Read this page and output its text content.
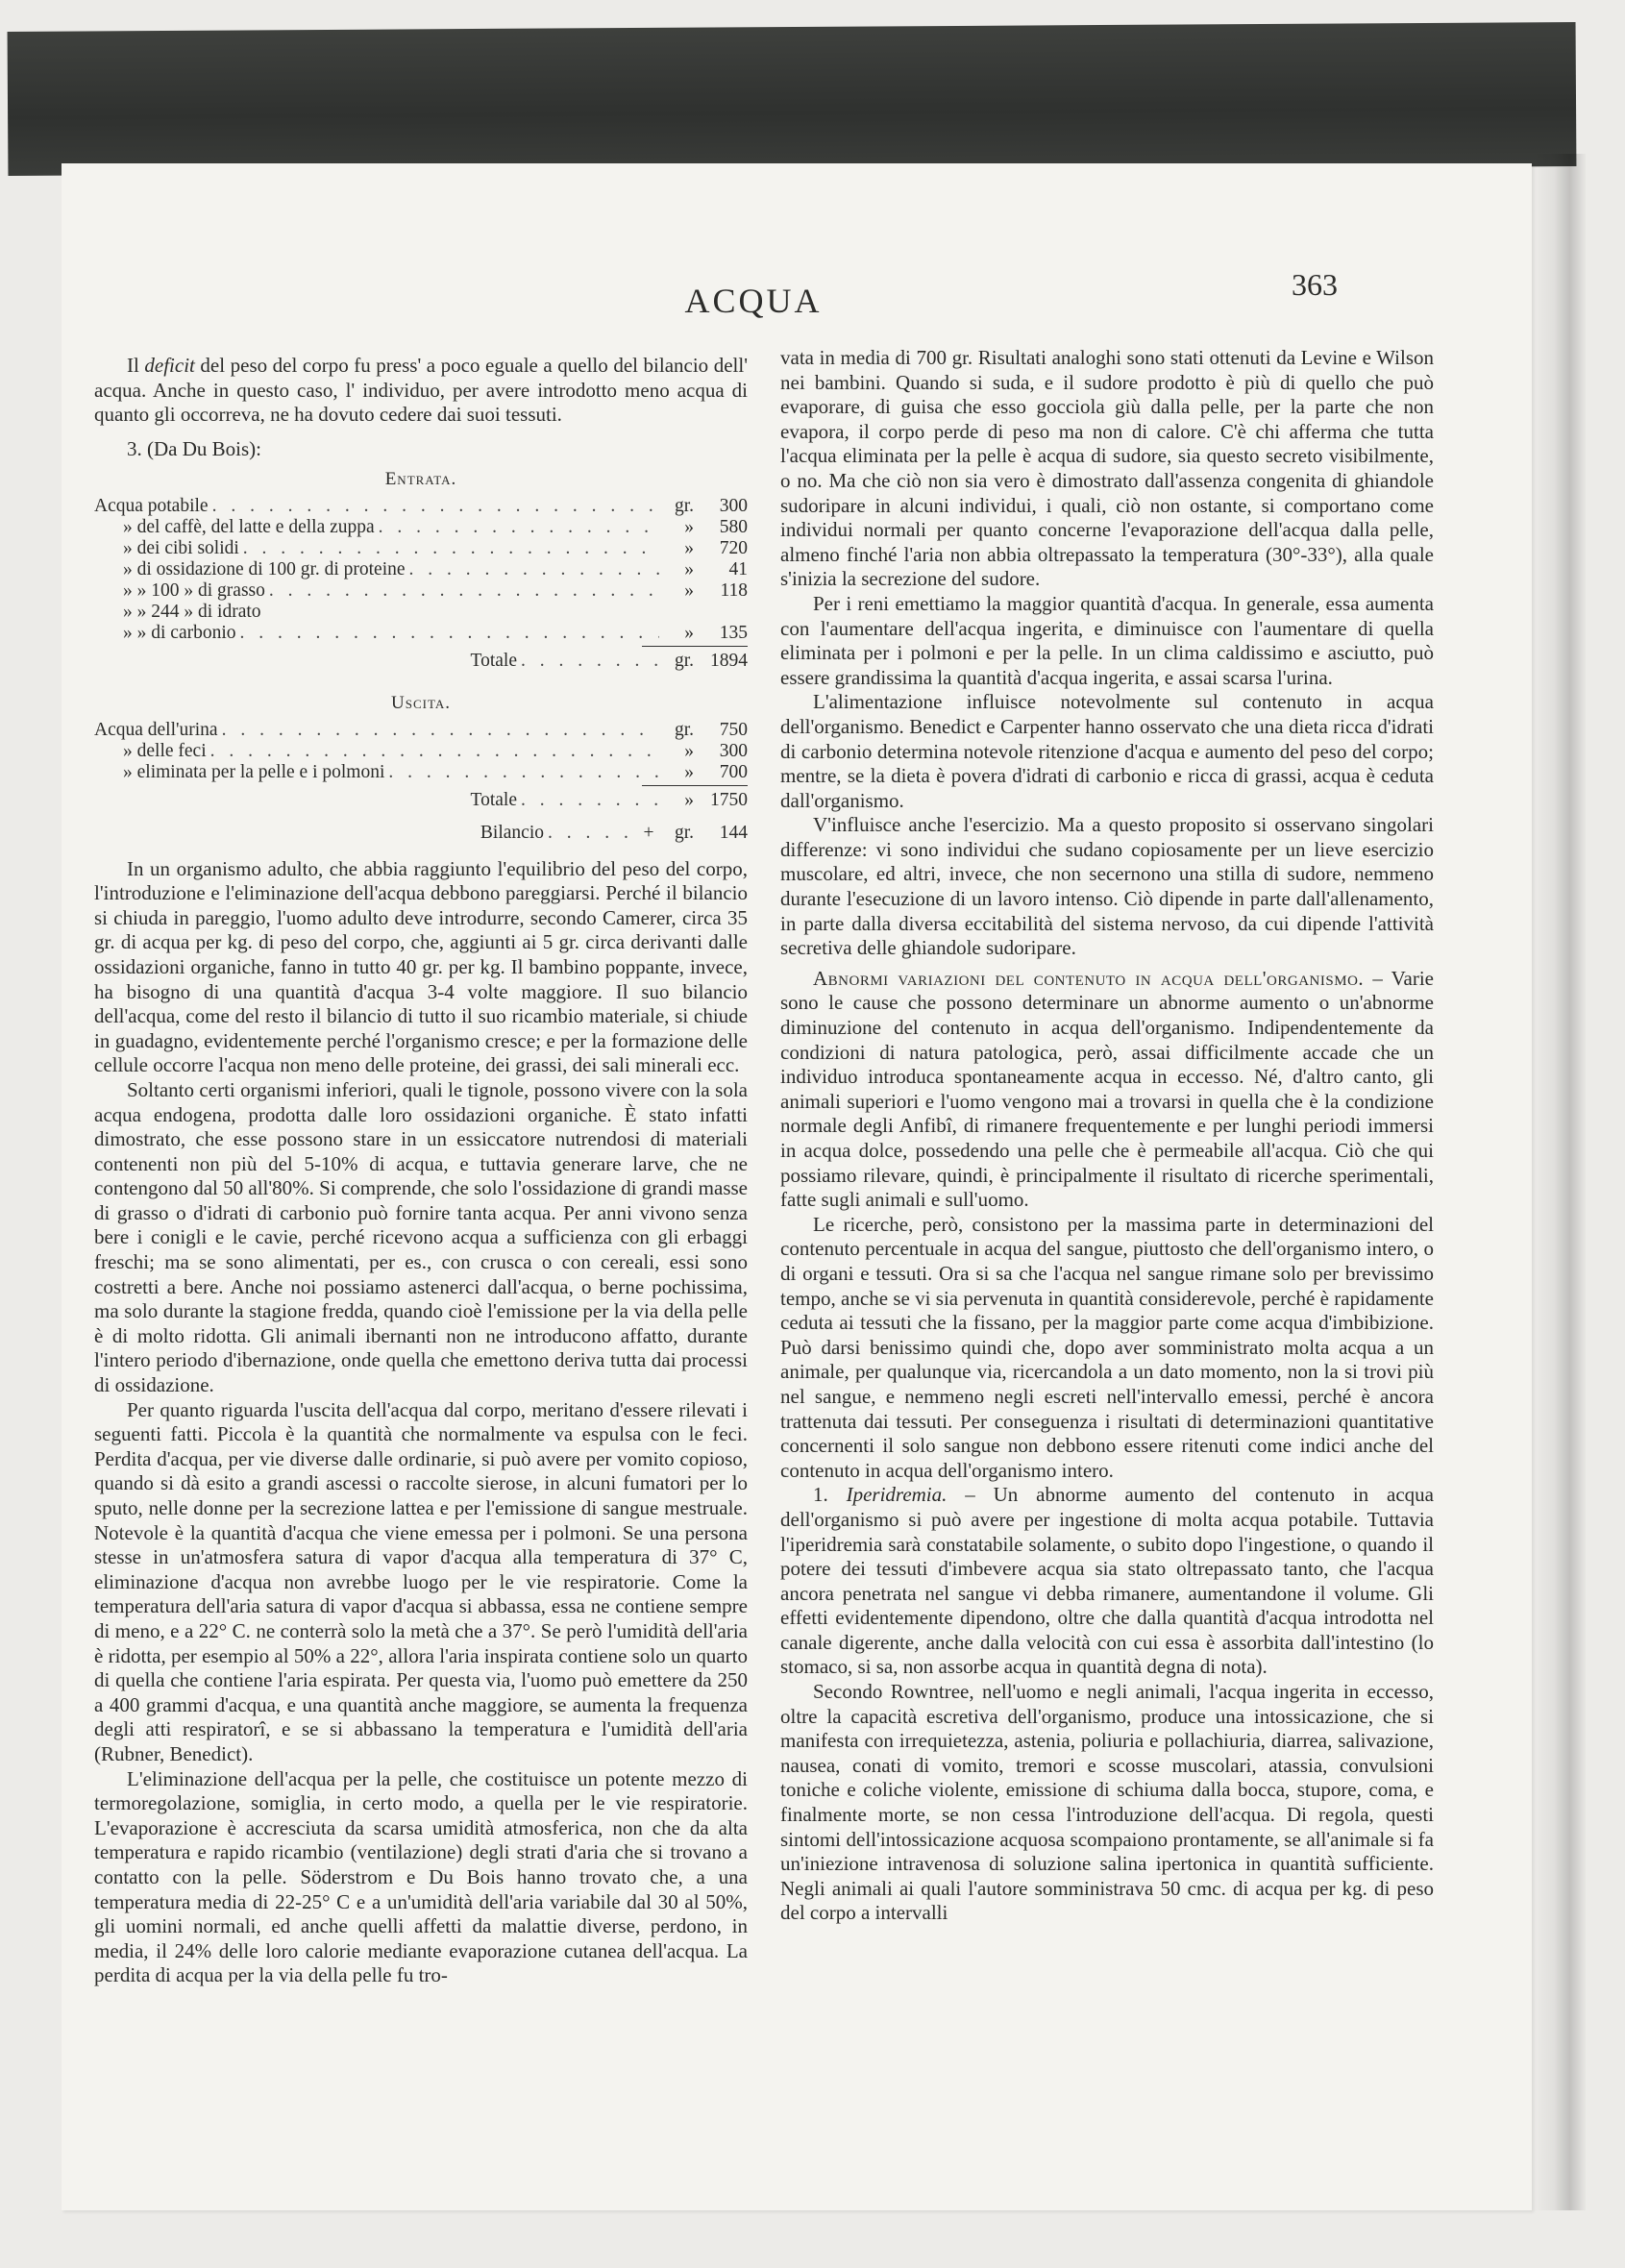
ACQUA	363

Il deficit del peso del corpo fu press' a poco eguale a quello del bilancio dell' acqua. Anche in questo caso, l' individuo, per avere introdotto meno acqua di quanto gli occorreva, ne ha dovuto cedere dai suoi tessuti.

3. (Da Du Bois):

Entrata.
Acqua potabile . . .	gr.	300
» del caffè, del latte e della zuppa . . .	»	580
» dei cibi solidi . . .	»	720
» di ossidazione di 100 gr. di proteine . . .	»	41
» » 100 » di grasso . . .	»	118
» » 244 » di idrato
» » di carbonio . . .	»	135
Totale . . .	gr. 1894
Uscita.
Acqua dell'urina . . .	gr.	750
» delle feci . . .	»	300
» eliminata per la pelle e i polmoni . . .	»	700
Totale . . .	» 1750
Bilancio . . .	+	gr.	144

In un organismo adulto, che abbia raggiunto l'equilibrio del peso del corpo, l'introduzione e l'eliminazione dell'acqua debbono pareggiarsi. Perché il bilancio si chiuda in pareggio, l'uomo adulto deve introdurre, secondo Camerer, circa 35 gr. di acqua per kg. di peso del corpo, che, aggiunti ai 5 gr. circa derivanti dalle ossidazioni organiche, fanno in tutto 40 gr. per kg. Il bambino poppante, invece, ha bisogno di una quantità d'acqua 3-4 volte maggiore. Il suo bilancio dell'acqua, come del resto il bilancio di tutto il suo ricambio materiale, si chiude in guadagno, evidentemente perché l'organismo cresce; e per la formazione delle cellule occorre l'acqua non meno delle proteine, dei grassi, dei sali minerali ecc.

Soltanto certi organismi inferiori, quali le tignole, possono vivere con la sola acqua endogena, prodotta dalle loro ossidazioni organiche. È stato infatti dimostrato, che esse possono stare in un essiccatore nutrendosi di materiali contenenti non più del 5-10% di acqua, e tuttavia generare larve, che ne contengono dal 50 all'80%. Si comprende, che solo l'ossidazione di grandi masse di grasso o d'idrati di carbonio può fornire tanta acqua. Per anni vivono senza bere i conigli e le cavie, perché ricevono acqua a sufficienza con gli erbaggi freschi; ma se sono alimentati, per es., con crusca o con cereali, essi sono costretti a bere. Anche noi possiamo astenerci dall'acqua, o berne pochissima, ma solo durante la stagione fredda, quando cioè l'emissione per la via della pelle è di molto ridotta. Gli animali ibernanti non ne introducono affatto, durante l'intero periodo d'ibernazione, onde quella che emettono deriva tutta dai processi di ossidazione.

Per quanto riguarda l'uscita dell'acqua dal corpo, meritano d'essere rilevati i seguenti fatti. Piccola è la quantità che normalmente va espulsa con le feci. Perdita d'acqua, per vie diverse dalle ordinarie, si può avere per vomito copioso, quando si dà esito a grandi ascessi o raccolte sierose, in alcuni fumatori per lo sputo, nelle donne per la secrezione lattea e per l'emissione di sangue mestruale. Notevole è la quantità d'acqua che viene emessa per i polmoni. Se una persona stesse in un'atmosfera satura di vapor d'acqua alla temperatura di 37° C, eliminazione d'acqua non avrebbe luogo per le vie respiratorie. Come la temperatura dell'aria satura di vapor d'acqua si abbassa, essa ne contiene sempre di meno, e a 22° C. ne conterrà solo la metà che a 37°. Se però l'umidità dell'aria è ridotta, per esempio al 50% a 22°, allora l'aria inspirata contiene solo un quarto di quella che contiene l'aria espirata. Per questa via, l'uomo può emettere da 250 a 400 grammi d'acqua, e una quantità anche maggiore, se aumenta la frequenza degli atti respiratorî, e se si abbassano la temperatura e l'umidità dell'aria (Rubner, Benedict).

L'eliminazione dell'acqua per la pelle, che costituisce un potente mezzo di termoregolazione, somiglia, in certo modo, a quella per le vie respiratorie. L'evaporazione è accresciuta da scarsa umidità atmosferica, non che da alta temperatura e rapido ricambio (ventilazione) degli strati d'aria che si trovano a contatto con la pelle. Söderstrom e Du Bois hanno trovato che, a una temperatura media di 22-25° C e a un'umidità dell'aria variabile dal 30 al 50%, gli uomini normali, ed anche quelli affetti da malattie diverse, perdono, in media, il 24% delle loro calorie mediante evaporazione cutanea dell'acqua. La perdita di acqua per la via della pelle fu tro-

vata in media di 700 gr. Risultati analoghi sono stati ottenuti da Levine e Wilson nei bambini. Quando si suda, e il sudore prodotto è più di quello che può evaporare, di guisa che esso gocciola giù dalla pelle, per la parte che non evapora, il corpo perde di peso ma non di calore. C'è chi afferma che tutta l'acqua eliminata per la pelle è acqua di sudore, sia questo secreto visibilmente, o no. Ma che ciò non sia vero è dimostrato dall'assenza congenita di ghiandole sudoripare in alcuni individui, i quali, ciò non ostante, si comportano come individui normali per quanto concerne l'evaporazione dell'acqua dalla pelle, almeno finché l'aria non abbia oltrepassato la temperatura (30°-33°), alla quale s'inizia la secrezione del sudore.

Per i reni emettiamo la maggior quantità d'acqua. In generale, essa aumenta con l'aumentare dell'acqua ingerita, e diminuisce con l'aumentare di quella eliminata per i polmoni e per la pelle. In un clima caldissimo e asciutto, può essere grandissima la quantità d'acqua ingerita, e assai scarsa l'urina.

L'alimentazione influisce notevolmente sul contenuto in acqua dell'organismo. Benedict e Carpenter hanno osservato che una dieta ricca d'idrati di carbonio determina notevole ritenzione d'acqua e aumento del peso del corpo; mentre, se la dieta è povera d'idrati di carbonio e ricca di grassi, acqua è ceduta dall'organismo.

V'influisce anche l'esercizio. Ma a questo proposito si osservano singolari differenze: vi sono individui che sudano copiosamente per un lieve esercizio muscolare, ed altri, invece, che non secernono una stilla di sudore, nemmeno durante l'esecuzione di un lavoro intenso. Ciò dipende in parte dall'allenamento, in parte dalla diversa eccitabilità del sistema nervoso, da cui dipende l'attività secretiva delle ghiandole sudoripare.

Abnormi variazioni del contenuto in acqua dell'organismo. – Varie sono le cause che possono determinare un abnorme aumento o un'abnorme diminuzione del contenuto in acqua dell'organismo. Indipendentemente da condizioni di natura patologica, però, assai difficilmente accade che un individuo introduca spontaneamente acqua in eccesso. Né, d'altro canto, gli animali superiori e l'uomo vengono mai a trovarsi in quella che è la condizione normale degli Anfibî, di rimanere frequentemente e per lunghi periodi immersi in acqua dolce, possedendo una pelle che è permeabile all'acqua. Ciò che qui possiamo rilevare, quindi, è principalmente il risultato di ricerche sperimentali, fatte sugli animali e sull'uomo.

Le ricerche, però, consistono per la massima parte in determinazioni del contenuto percentuale in acqua del sangue, piuttosto che dell'organismo intero, o di organi e tessuti. Ora si sa che l'acqua nel sangue rimane solo per brevissimo tempo, anche se vi sia pervenuta in quantità considerevole, perché è rapidamente ceduta ai tessuti che la fissano, per la maggior parte come acqua d'imbibizione. Può darsi benissimo quindi che, dopo aver somministrato molta acqua a un animale, per qualunque via, ricercandola a un dato momento, non la si trovi più nel sangue, e nemmeno negli escreti nell'intervallo emessi, perché è ancora trattenuta dai tessuti. Per conseguenza i risultati di determinazioni quantitative concernenti il solo sangue non debbono essere ritenuti come indici anche del contenuto in acqua dell'organismo intero.

1. Iperidremia. – Un abnorme aumento del contenuto in acqua dell'organismo si può avere per ingestione di molta acqua potabile. Tuttavia l'iperidremia sarà constatabile solamente, o subito dopo l'ingestione, o quando il potere dei tessuti d'imbevere acqua sia stato oltrepassato tanto, che l'acqua ancora penetrata nel sangue vi debba rimanere, aumentandone il volume. Gli effetti evidentemente dipendono, oltre che dalla quantità d'acqua introdotta nel canale digerente, anche dalla velocità con cui essa è assorbita dall'intestino (lo stomaco, si sa, non assorbe acqua in quantità degna di nota).

Secondo Rowntree, nell'uomo e negli animali, l'acqua ingerita in eccesso, oltre la capacità escretiva dell'organismo, produce una intossicazione, che si manifesta con irrequietezza, astenia, poliuria e pollachiuria, diarrea, salivazione, nausea, conati di vomito, tremori e scosse muscolari, atassia, convulsioni toniche e coliche violente, emissione di schiuma dalla bocca, stupore, coma, e finalmente morte, se non cessa l'introduzione dell'acqua. Di regola, questi sintomi dell'intossicazione acquosa scompaiono prontamente, se all'animale si fa un'iniezione intravenosa di soluzione salina ipertonica in quantità sufficiente. Negli animali ai quali l'autore somministrava 50 cmc. di acqua per kg. di peso del corpo a intervalli
